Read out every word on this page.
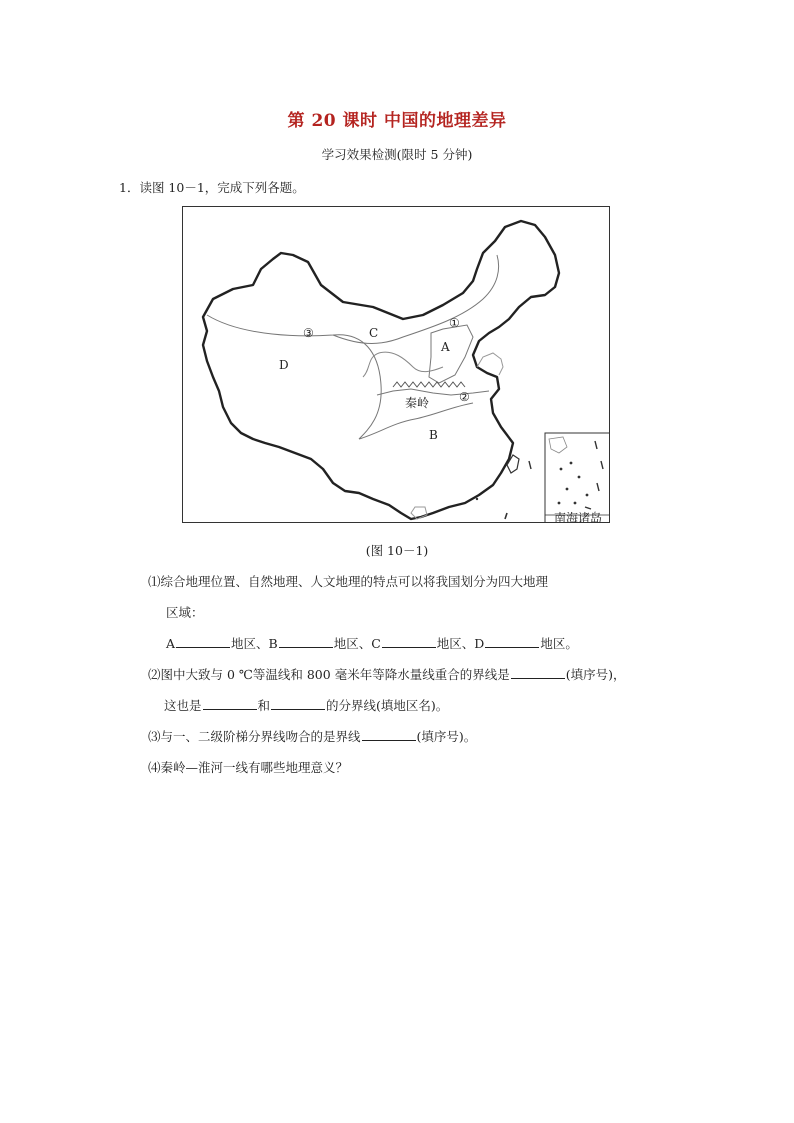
第 20 课时 中国的地理差异
学习效果检测(限时 5 分钟)
1．读图 10－1，完成下列各题。
南海诸岛
A
B
C
D
①
②
③
秦岭
(图 10－1)
⑴综合地理位置、自然地理、人文地理的特点可以将我国划分为四大地理
区域：
A	地区、B	地区、C	地区、D	地区。
⑵图中大致与 0 ℃等温线和 800 毫米年等降水量线重合的界线是	(填序号)，
这也是	和	的分界线(填地区名)。
⑶与一、二级阶梯分界线吻合的是界线	(填序号)。
⑷秦岭—淮河一线有哪些地理意义？
